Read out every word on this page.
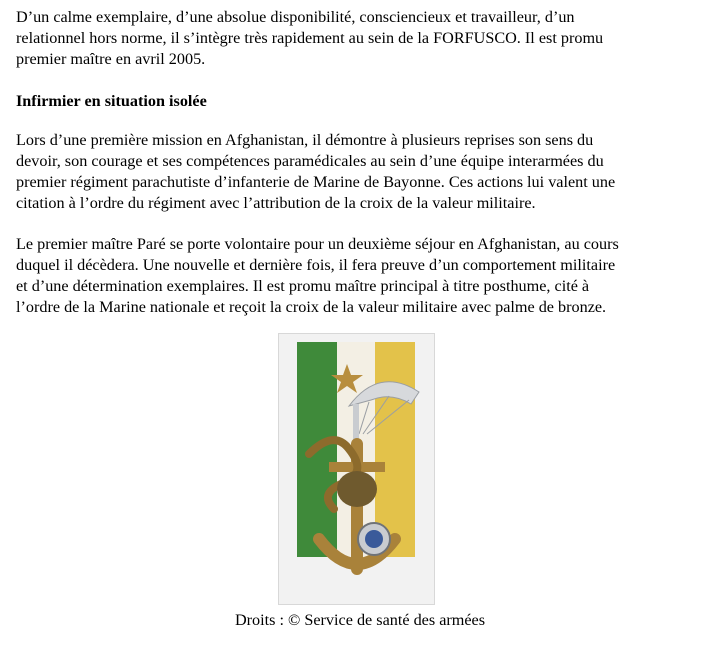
D’un calme exemplaire, d’une absolue disponibilité, consciencieux et travailleur, d’un
relationnel hors norme, il s’intègre très rapidement au sein de la FORFUSCO. Il est promu
premier maître en avril 2005.

Infirmier en situation isolée

Lors d’une première mission en Afghanistan, il démontre à plusieurs reprises son sens du
devoir, son courage et ses compétences paramédicales au sein d’une équipe interarmées du
premier régiment parachutiste d’infanterie de Marine de Bayonne. Ces actions lui valent une
citation à l’ordre du régiment avec l’attribution de la croix de la valeur militaire.

Le premier maître Paré se porte volontaire pour un deuxième séjour en Afghanistan, au cours
duquel il décèdera. Une nouvelle et dernière fois, il fera preuve d’un comportement militaire
et d’une détermination exemplaires. Il est promu maître principal à titre posthume, cité à
l’ordre de la Marine nationale et reçoit la croix de la valeur militaire avec palme de bronze.

Droits : © Service de santé des armées
